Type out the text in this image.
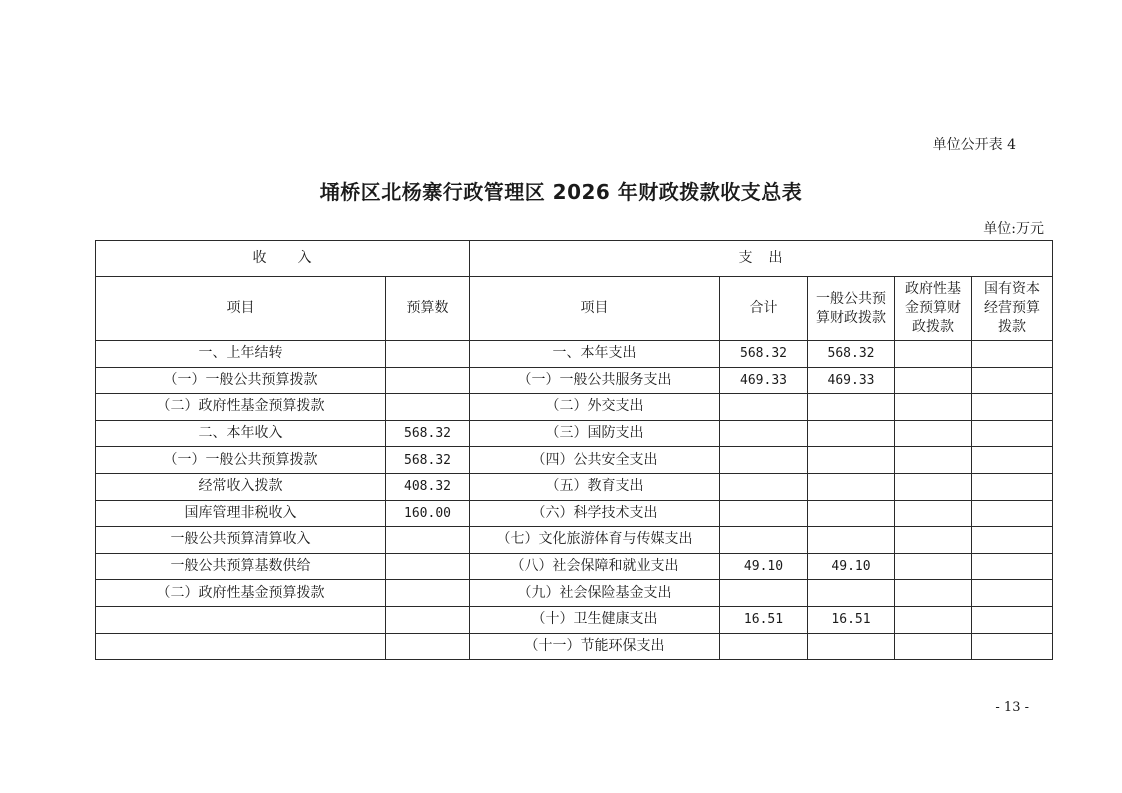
单位公开表 4
埇桥区北杨寨行政管理区 2026 年财政拨款收支总表
单位:万元
收　　入		支　出				
项目	预算数	项目	合计	一般公共预算财政拨款	政府性基金预算财政拨款	国有资本经营预算拨款
一、上年结转		一、本年支出	568.32	568.32		
（一）一般公共预算拨款		（一）一般公共服务支出	469.33	469.33		
（二）政府性基金预算拨款		（二）外交支出				
二、本年收入	568.32	（三）国防支出				
（一）一般公共预算拨款	568.32	（四）公共安全支出				
经常收入拨款	408.32	（五）教育支出				
国库管理非税收入	160.00	（六）科学技术支出				
一般公共预算清算收入		（七）文化旅游体育与传媒支出				
一般公共预算基数供给		（八）社会保障和就业支出	49.10	49.10		
（二）政府性基金预算拨款		（九）社会保险基金支出				
		（十）卫生健康支出	16.51	16.51		
		（十一）节能环保支出				
- 13 -
